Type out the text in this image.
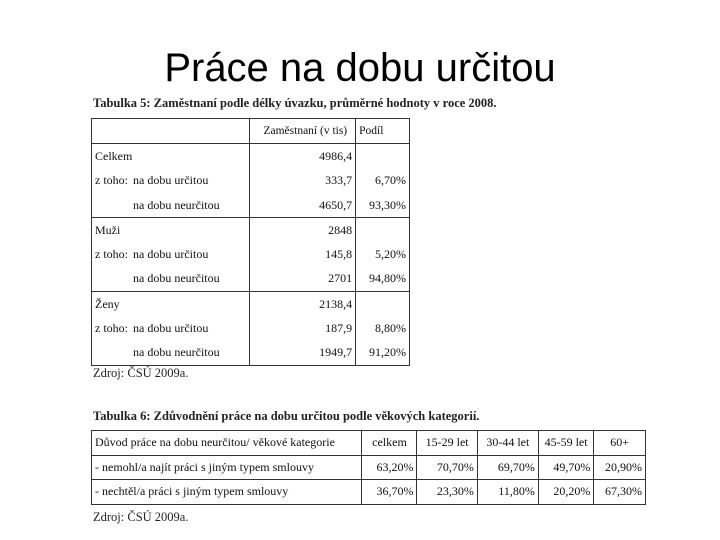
Práce na dobu určitou
Tabulka 5: Zaměstnaní podle délky úvazku, průměrné hodnoty v roce 2008.
	Zaměstnaní (v tis)	Podíl
Celkem	4986,4	
z toho: na dobu určitou	333,7	6,70%
na dobu neurčitou	4650,7	93,30%
Muži	2848	
z toho: na dobu určitou	145,8	5,20%
na dobu neurčitou	2701	94,80%
Ženy	2138,4	
z toho: na dobu určitou	187,9	8,80%
na dobu neurčitou	1949,7	91,20%
Zdroj: ČSÚ 2009a.
Tabulka 6: Zdůvodnění práce na dobu určitou podle věkových kategorií.
Důvod práce na dobu neurčitou/ věkové kategorie	celkem	15-29 let	30-44 let	45-59 let	60+
- nemohl/a najít práci s jiným typem smlouvy	63,20%	70,70%	69,70%	49,70%	20,90%
- nechtěl/a práci s jiným typem smlouvy	36,70%	23,30%	11,80%	20,20%	67,30%
Zdroj: ČSÚ 2009a.
